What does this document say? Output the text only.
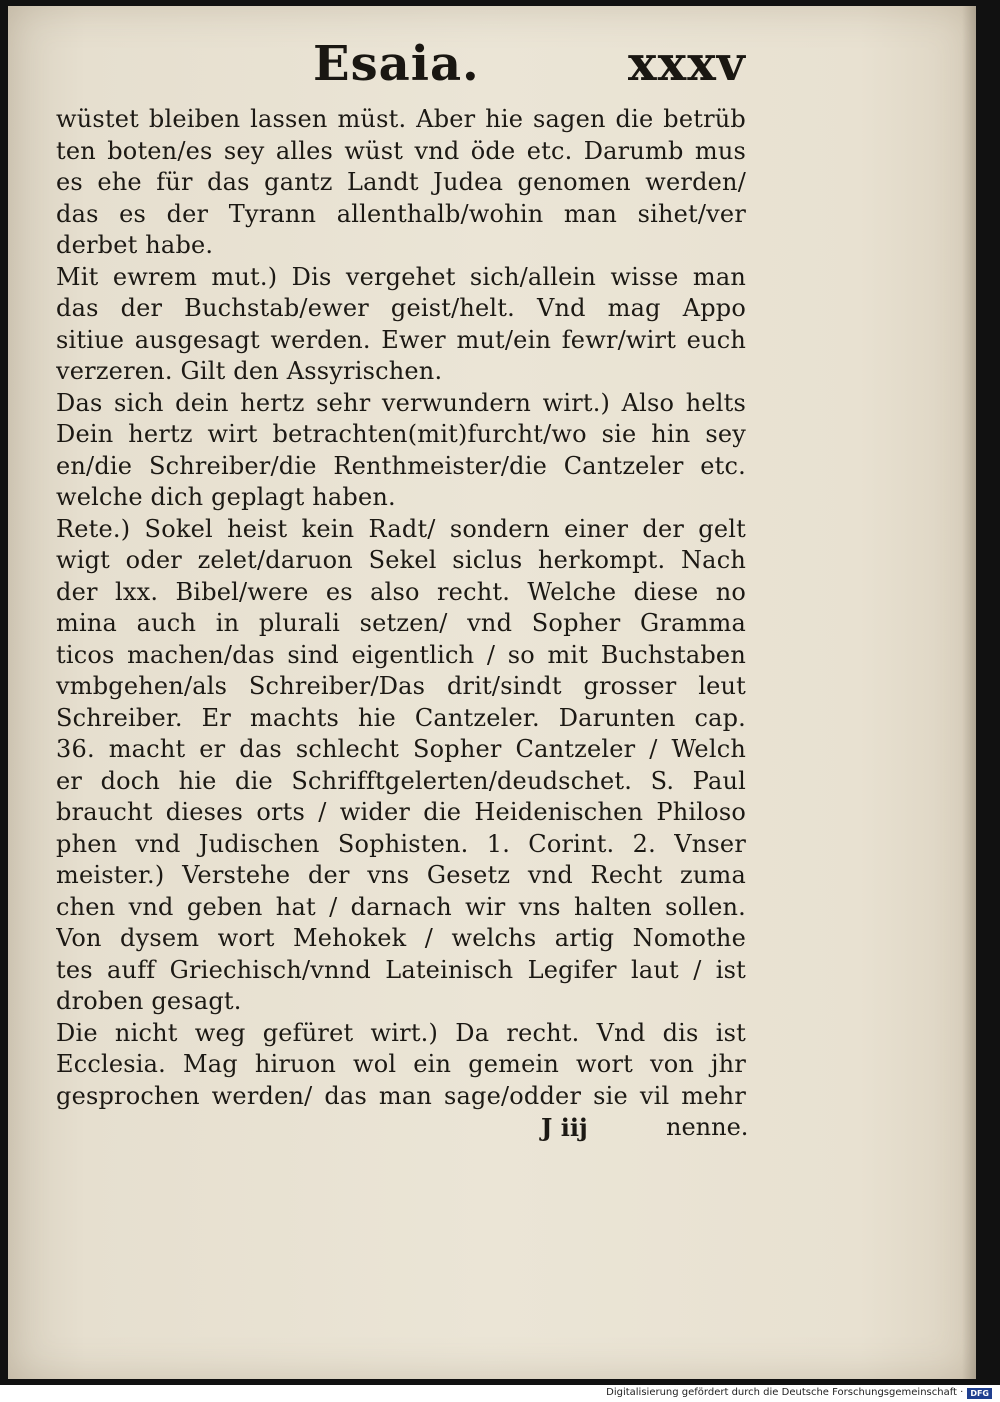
Esaia.	xxxv
wüstet bleiben lassen müst. Aber hie sagen die betrüb
ten boten/es sey alles wüst vnd öde etc. Darumb mus
es ehe für das gantz Landt Judea genomen werden/
das es der Tyrann allenthalb/wohin man sihet/ver
derbet habe.
Mit ewrem mut.) Dis vergehet sich/allein wisse man
das der Buchstab/ewer geist/helt. Vnd mag Appo
sitiue ausgesagt werden. Ewer mut/ein fewr/wirt euch
verzeren. Gilt den Assyrischen.
Das sich dein hertz sehr verwundern wirt.) Also helts
Dein hertz wirt betrachten(mit)furcht/wo sie hin sey
en/die Schreiber/die Renthmeister/die Cantzeler etc.
welche dich geplagt haben.
Rete.) Sokel heist kein Radt/ sondern einer der gelt
wigt oder zelet/daruon Sekel siclus herkompt. Nach
der lxx. Bibel/were es also recht. Welche diese no
mina auch in plurali setzen/ vnd Sopher Gramma
ticos machen/das sind eigentlich / so mit Buchstaben
vmbgehen/als Schreiber/Das drit/sindt grosser leut
Schreiber. Er machts hie Cantzeler. Darunten cap.
36. macht er das schlecht Sopher Cantzeler / Welch
er doch hie die Schrifftgelerten/deudschet. S. Paul
braucht dieses orts / wider die Heidenischen Philoso
phen vnd Judischen Sophisten. 1. Corint. 2. Vnser
meister.) Verstehe der vns Gesetz vnd Recht zuma
chen vnd geben hat / darnach wir vns halten sollen.
Von dysem wort Mehokek / welchs artig Nomothe
tes auff Griechisch/vnnd Lateinisch Legifer laut / ist
droben gesagt.
Die nicht weg gefüret wirt.) Da recht. Vnd dis ist
Ecclesia. Mag hiruon wol ein gemein wort von jhr
gesprochen werden/ das man sage/odder sie vil mehr
J iij	nenne.
Digitalisierung gefördert durch die Deutsche Forschungsgemeinschaft · DFG
